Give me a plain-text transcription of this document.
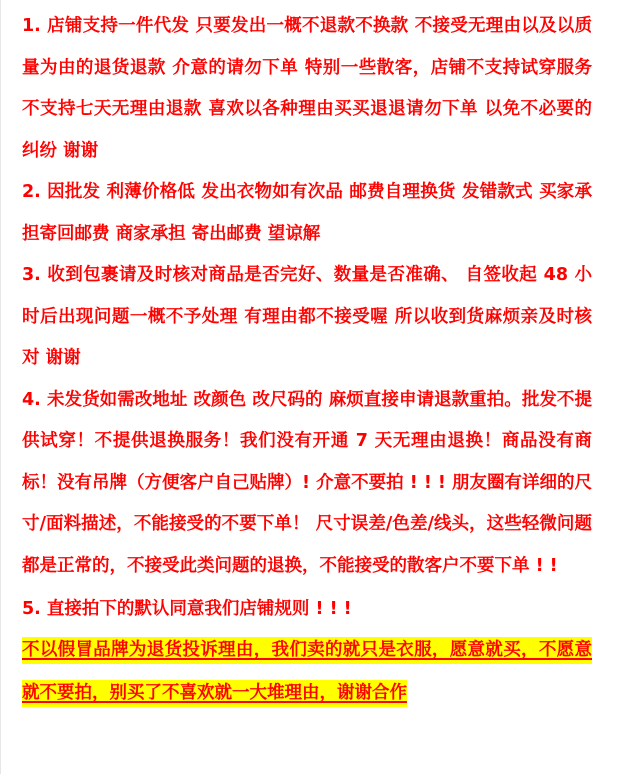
1. 店铺支持一件代发 只要发出一概不退款不换款 不接受无理由以及以质量为由的退货退款 介意的请勿下单 特别一些散客，店铺不支持试穿服务 不支持七天无理由退款 喜欢以各种理由买买退退请勿下单 以免不必要的纠纷 谢谢

2. 因批发 利薄价格低 发出衣物如有次品 邮费自理换货 发错款式 买家承担寄回邮费 商家承担 寄出邮费 望谅解

3. 收到包裹请及时核对商品是否完好、数量是否准确、 自签收起 48 小时后出现问题一概不予处理 有理由都不接受喔 所以收到货麻烦亲及时核对 谢谢

4. 未发货如需改地址 改颜色 改尺码的 麻烦直接申请退款重拍。批发不提供试穿！不提供退换服务！我们没有开通 7 天无理由退换！商品没有商标！没有吊牌（方便客户自己贴牌）! 介意不要拍 ! ! ! 朋友圈有详细的尺寸/面料描述，不能接受的不要下单！ 尺寸误差/色差/线头，这些轻微问题都是正常的，不接受此类问题的退换，不能接受的散客户不要下单 ! !

5. 直接拍下的默认同意我们店铺规则 ! ! !

不以假冒品牌为退货投诉理由，我们卖的就只是衣服，愿意就买，不愿意就不要拍，别买了不喜欢就一大堆理由，谢谢合作
